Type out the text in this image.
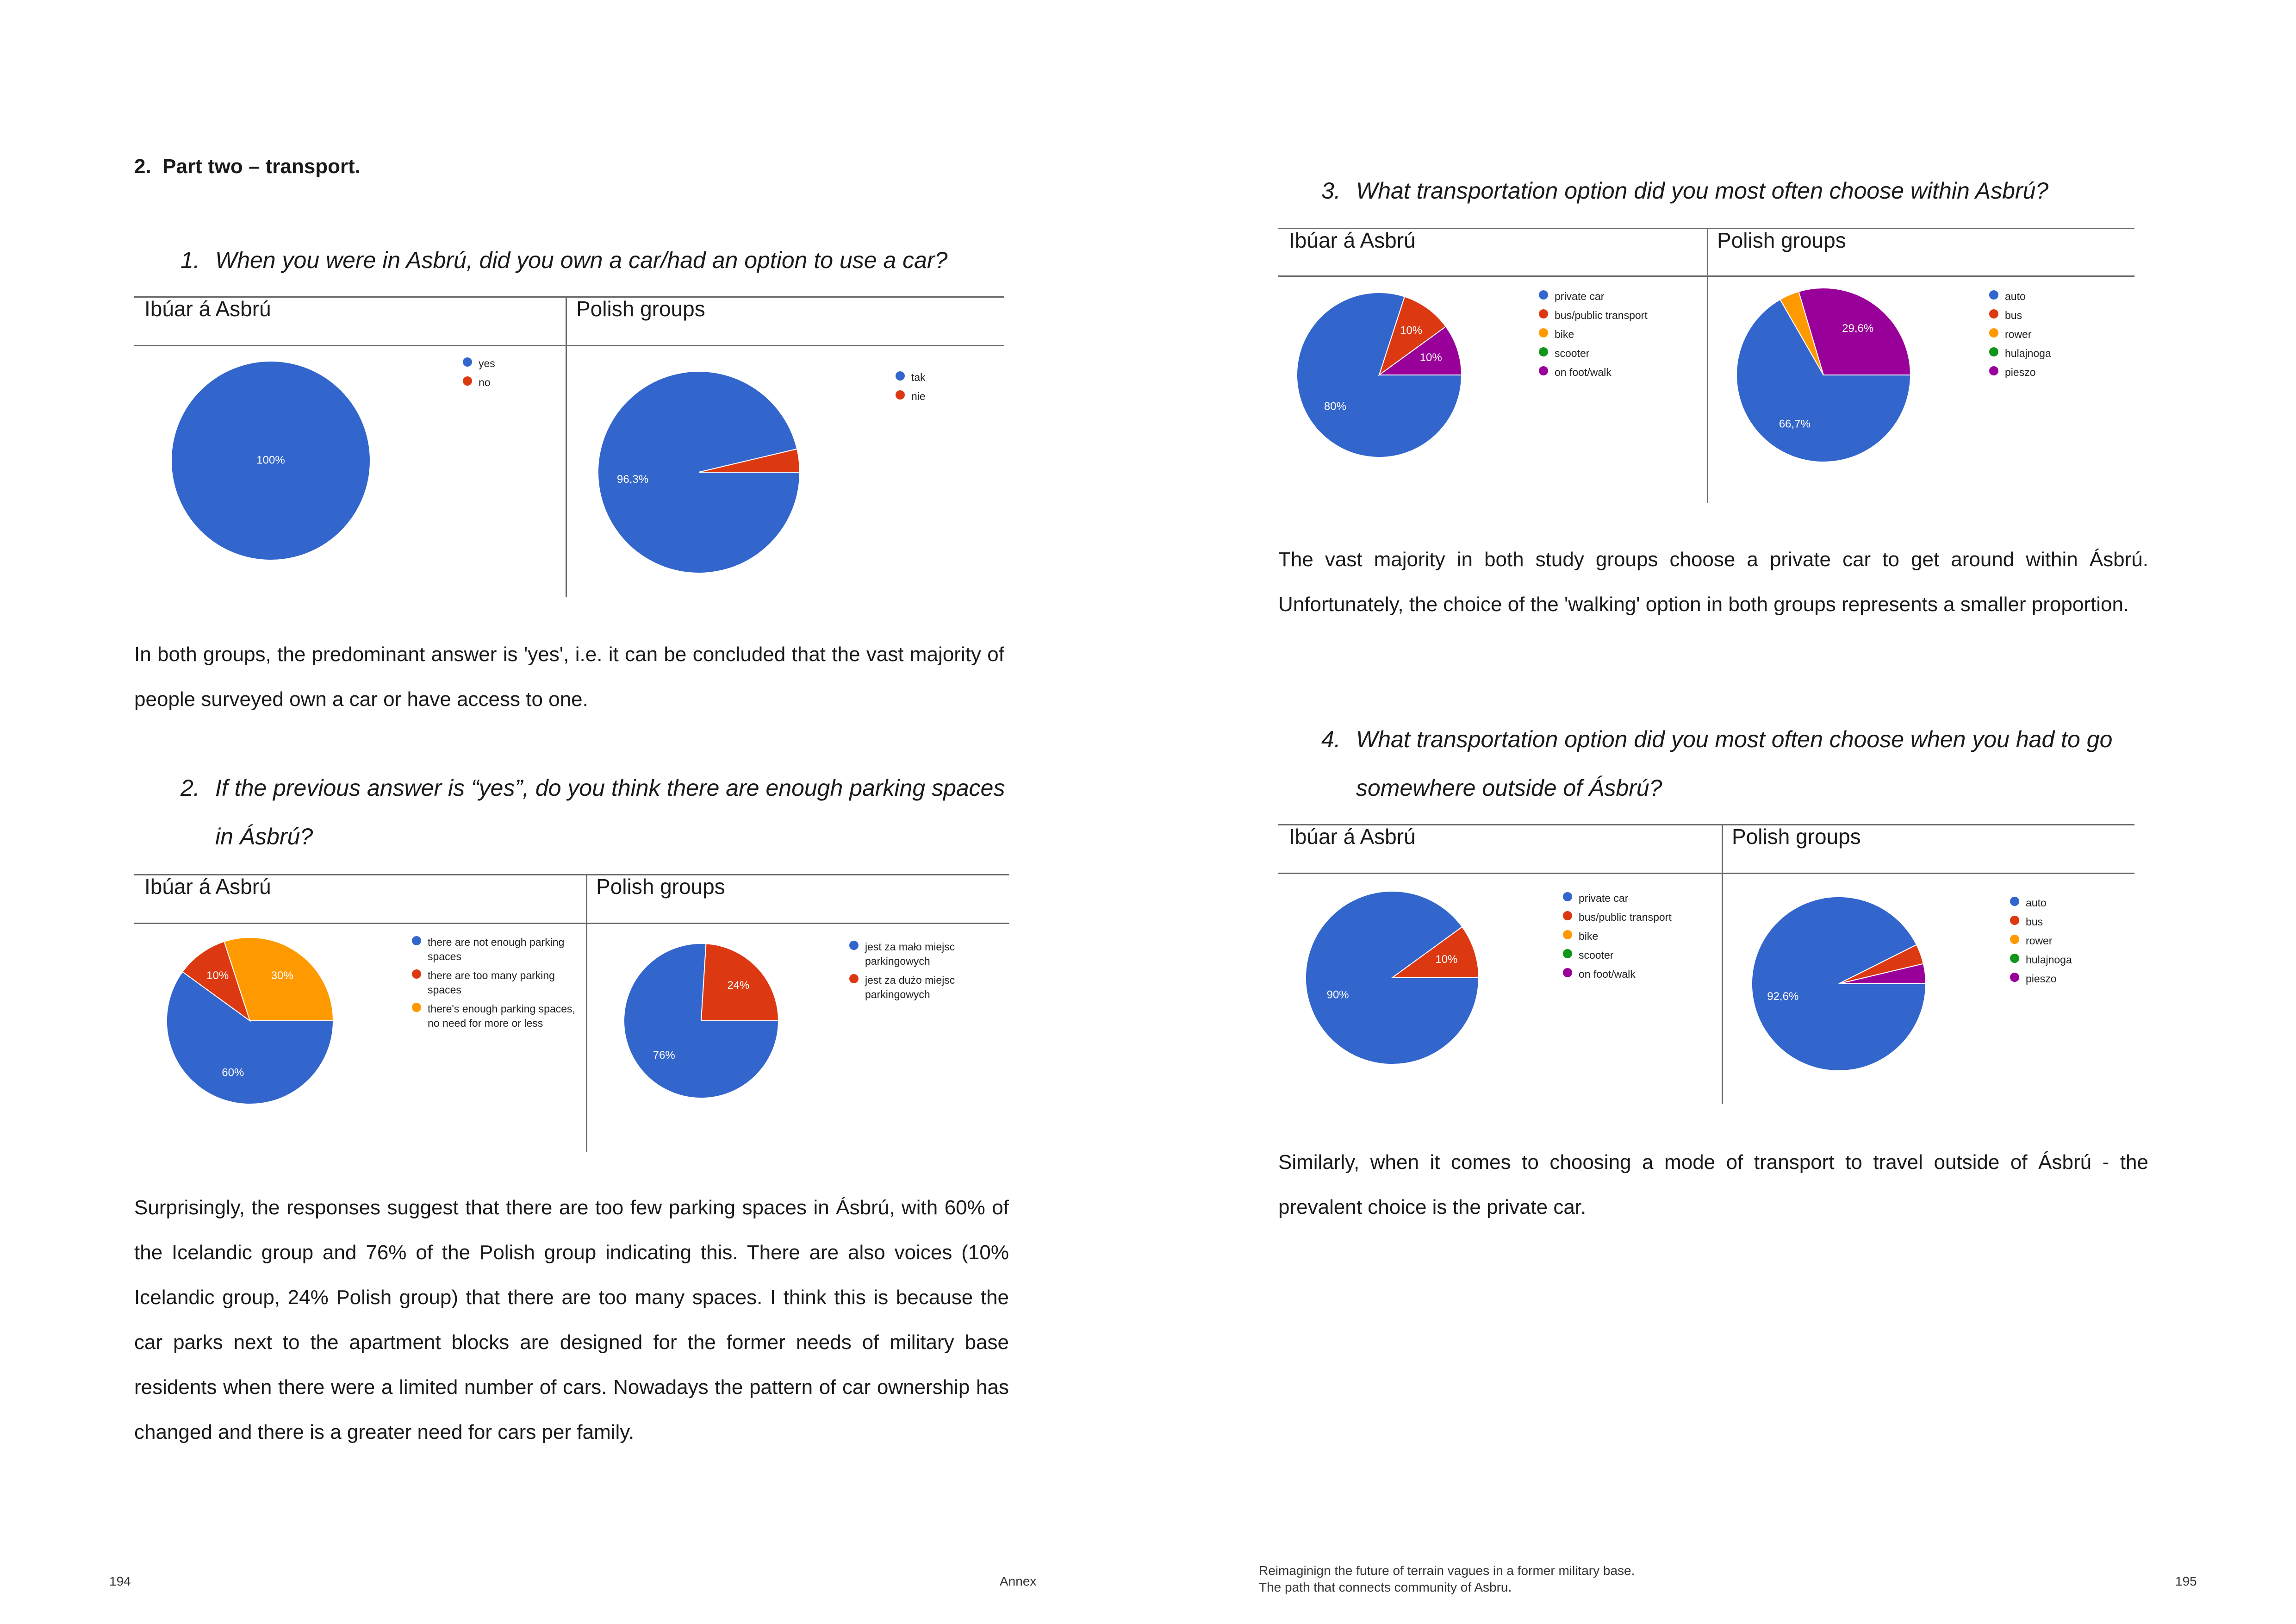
2.  Part two – transport.
1. When you were in Asbrú, did you own a car/had an option to use a car?
Ibúar á Asbrú	Polish groups
100%
yes
no
96,3%
tak
nie
In both groups, the predominant answer is 'yes', i.e. it can be concluded that the vast majority of people surveyed own a car or have access to one.
2. If the previous answer is “yes”, do you think there are enough parking spaces
in Ásbrú?
Ibúar á Asbrú	Polish groups
60%
10%	30%
there are not enough parking spaces
there are too many parking spaces
there's enough parking spaces, no need for more or less
76%
24%
jest za mało miejsc parkingowych
jest za dużo miejsc parkingowych
Surprisingly, the responses suggest that there are too few parking spaces in Ásbrú, with 60% of the Icelandic group and 76% of the Polish group indicating this. There are also voices (10% Icelandic group, 24% Polish group) that there are too many spaces. I think this is because the car parks next to the apartment blocks are designed for the former needs of military base residents when there were a limited number of cars. Nowadays the pattern of car ownership has changed and there is a greater need for cars per family.
3. What transportation option did you most often choose within Asbrú?
Ibúar á Asbrú	Polish groups
80%
10%
10%
private car
bus/public transport
bike
scooter
on foot/walk
66,7%
29,6%
auto
bus
rower
hulajnoga
pieszo
The vast majority in both study groups choose a private car to get around within Ásbrú. Unfortunately, the choice of the 'walking' option in both groups represents a smaller proportion.
4. What transportation option did you most often choose when you had to go
somewhere outside of Ásbrú?
Ibúar á Asbrú	Polish groups
private car
bus/public transport
bike
scooter
on foot/walk
90%
10%
92,6%
auto
bus
rower
hulajnoga
pieszo
Similarly, when it comes to choosing a mode of transport to travel outside of Ásbrú - the prevalent choice is the private car.
194	Annex
Reimaginign the future of terrain vagues in a former military base.
The path that connects community of Asbru.	195
